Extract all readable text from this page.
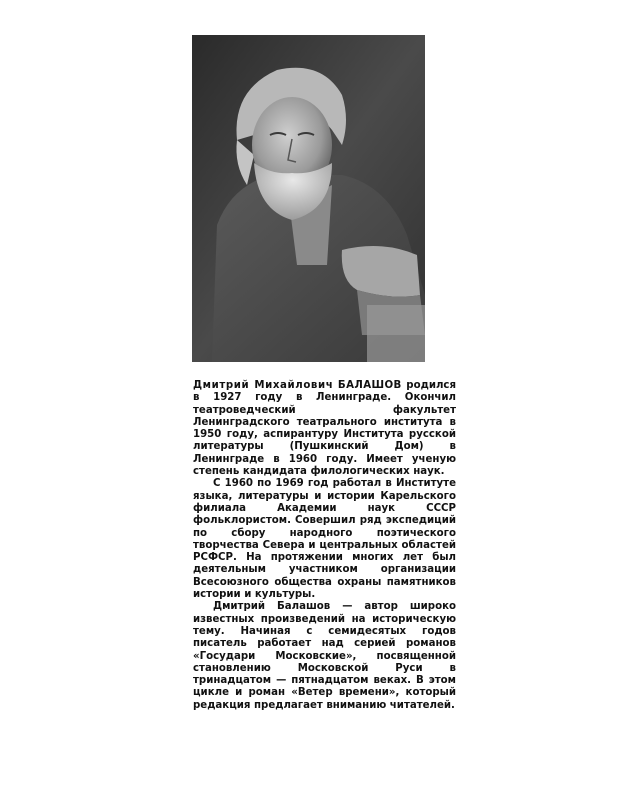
Дмитрий Михайлович БАЛАШОВ родился в 1927 году в Ленинграде. Окончил театроведческий факультет Ленинградского театрального института в 1950 году, аспирантуру Института русской литературы (Пушкинский Дом) в Ленинграде в 1960 году. Имеет ученую степень кандидата филологических наук.

С 1960 по 1969 год работал в Институте языка, литературы и истории Карельского филиала Академии наук СССР фольклористом. Совершил ряд экспедиций по сбору народного поэтического творчества Севера и центральных областей РСФСР. На протяжении многих лет был деятельным участником организации Всесоюзного общества охраны памятников истории и культуры.

Дмитрий Балашов — автор широко известных произведений на историческую тему. Начиная с семидесятых годов писатель работает над серией романов «Государи Московские», посвященной становлению Московской Руси в тринадцатом — пятнадцатом веках. В этом цикле и роман «Ветер времени», который редакция предлагает вниманию читателей.
